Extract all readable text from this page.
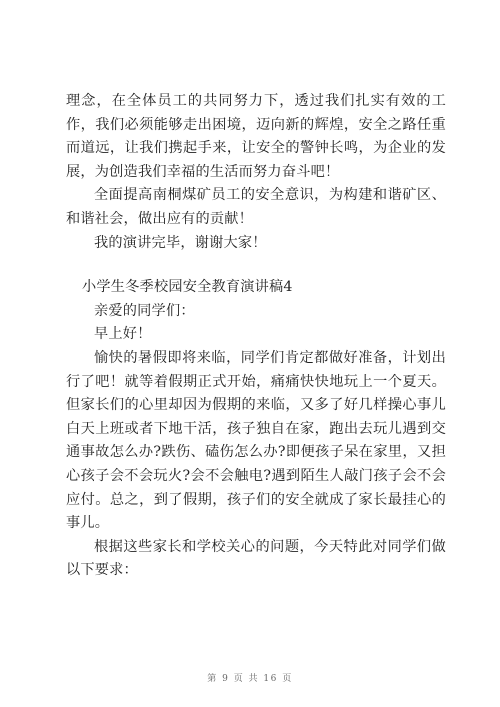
理念，在全体员工的共同努力下，透过我们扎实有效的工作，我们必须能够走出困境，迈向新的辉煌，安全之路任重而道远，让我们携起手来，让安全的警钟长鸣，为企业的发展，为创造我们幸福的生活而努力奋斗吧！

全面提高南桐煤矿员工的安全意识，为构建和谐矿区、和谐社会，做出应有的贡献！

我的演讲完毕，谢谢大家！

小学生冬季校园安全教育演讲稿4

亲爱的同学们：

早上好！

愉快的暑假即将来临，同学们肯定都做好准备，计划出行了吧！就等着假期正式开始，痛痛快快地玩上一个夏天。但家长们的心里却因为假期的来临，又多了好几样操心事儿白天上班或者下地干活，孩子独自在家，跑出去玩儿遇到交通事故怎么办?跌伤、磕伤怎么办?即便孩子呆在家里，又担心孩子会不会玩火?会不会触电?遇到陌生人敲门孩子会不会应付。总之，到了假期，孩子们的安全就成了家长最挂心的事儿。

根据这些家长和学校关心的问题，今天特此对同学们做以下要求：

第 9 页 共 16 页
